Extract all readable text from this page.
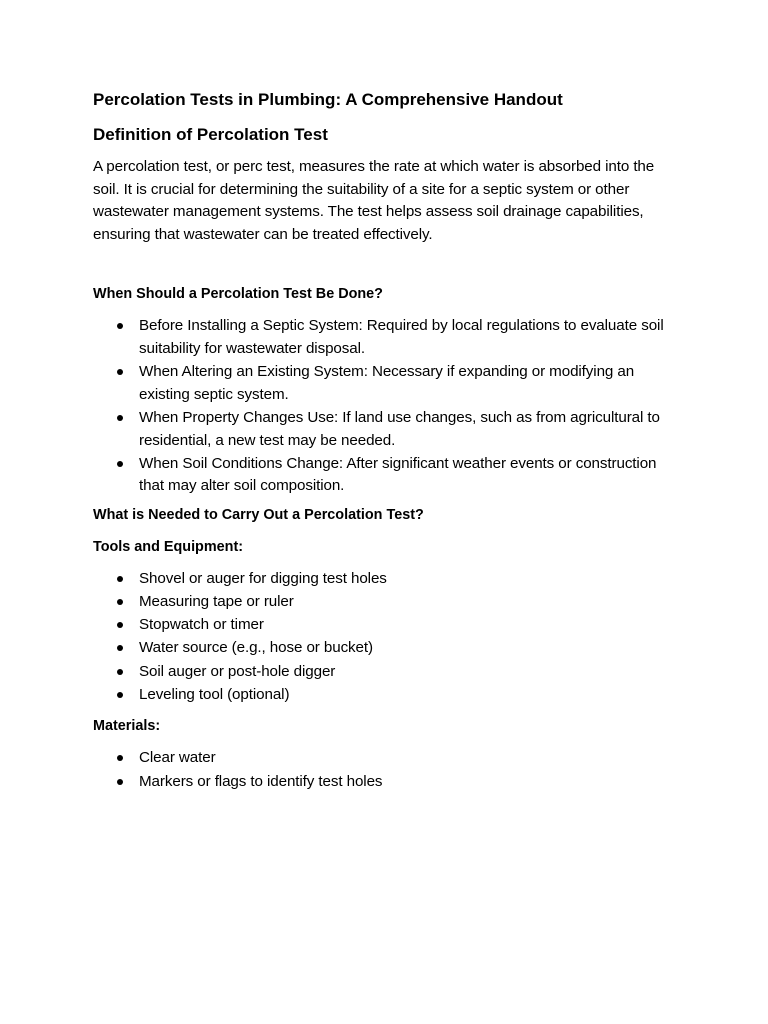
Percolation Tests in Plumbing: A Comprehensive Handout
Definition of Percolation Test

A percolation test, or perc test, measures the rate at which water is absorbed into the soil. It is crucial for determining the suitability of a site for a septic system or other wastewater management systems. The test helps assess soil drainage capabilities, ensuring that wastewater can be treated effectively.

When Should a Percolation Test Be Done?
Before Installing a Septic System: Required by local regulations to evaluate soil suitability for wastewater disposal.
When Altering an Existing System: Necessary if expanding or modifying an existing septic system.
When Property Changes Use: If land use changes, such as from agricultural to residential, a new test may be needed.
When Soil Conditions Change: After significant weather events or construction that may alter soil composition.
What is Needed to Carry Out a Percolation Test?
Tools and Equipment:
Shovel or auger for digging test holes
Measuring tape or ruler
Stopwatch or timer
Water source (e.g., hose or bucket)
Soil auger or post-hole digger
Leveling tool (optional)
Materials:
Clear water
Markers or flags to identify test holes
